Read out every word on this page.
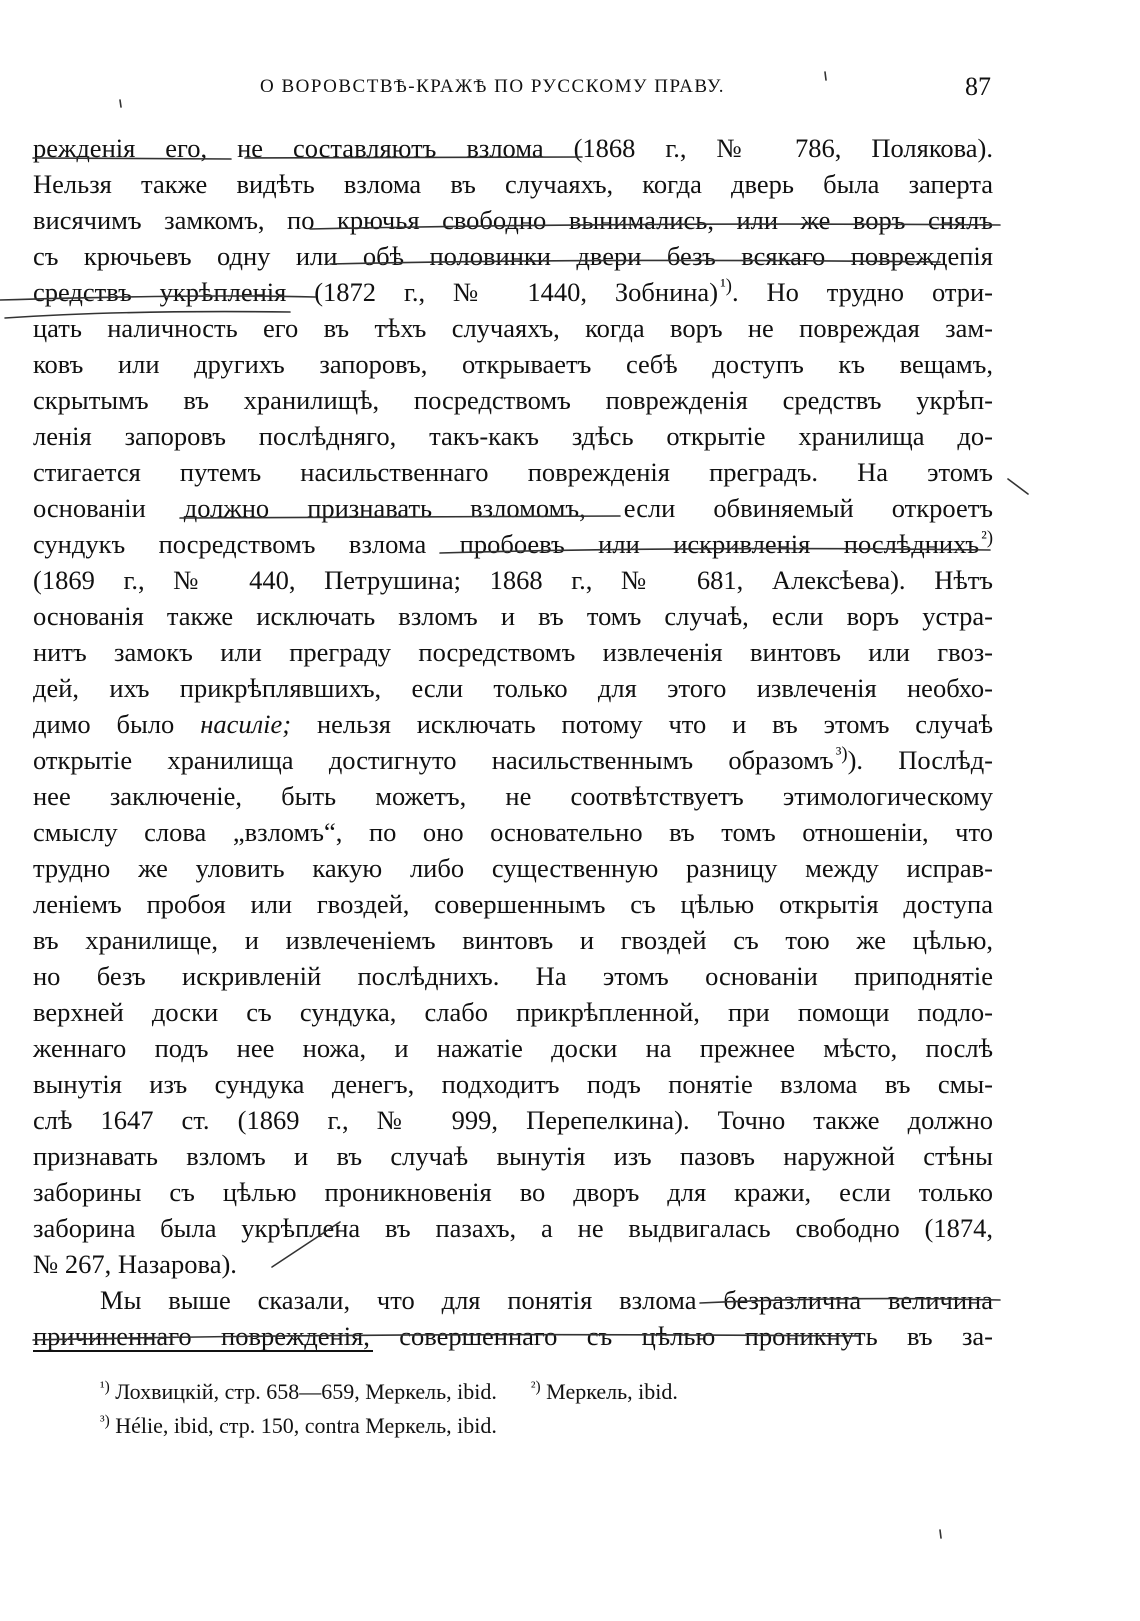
О ВОРОВСТВѢ-КРАЖѢ ПО РУССКОМУ ПРАВУ.	87
режденія его, не составляютъ взлома (1868 г., № 786, Полякова).
Нельзя также видѣть взлома въ случаяхъ, когда дверь была заперта
висячимъ замкомъ, по крючья свободно вынимались, или же воръ снялъ
съ крючьевъ одну или обѣ половинки двери безъ всякаго повреждепія
средствъ укрѣпленія (1872 г., № 1440, Зобнина)  $^{^1)}$. Но трудно отри-
цать наличность его въ тѣхъ случаяхъ, когда воръ не повреждая зам-
ковъ или другихъ запоровъ, открываетъ себѣ доступъ къ вещамъ,
скрытымъ въ хранилищѣ, посредствомъ поврежденія средствъ укрѣп-
ленія запоровъ послѣдняго, такъ-какъ здѣсь открытіе хранилища до-
стигается путемъ насильственнаго поврежденія преградъ. На этомъ
основаніи должно признавать взломомъ, если обвиняемый откроетъ
сундукъ посредствомъ взлома пробоевъ или искривленія послѣднихъ  $^{^2)}$
(1869 г., № 440, Петрушина; 1868 г., № 681, Алексѣева). Нѣтъ
основанія также исключать взломъ и въ томъ случаѣ, если воръ устра-
нитъ замокъ или преграду посредствомъ извлеченія винтовъ или гвоз-
дей, ихъ прикрѣплявшихъ, если только для этого извлеченія необхо-
димо было насиліе; нельзя исключать потому что и въ этомъ случаѣ
открытіе хранилища достигнуто насильственнымъ образомъ  $^{^3)}$). Послѣд-
нее заключеніе, быть можетъ, не соотвѣтствуетъ этимологическому
смыслу слова „взломъ“, по оно основательно въ томъ отношеніи, что
трудно же уловить какую либо существенную разницу между исправ-
леніемъ пробоя или гвоздей, совершеннымъ съ цѣлью открытія доступа
въ хранилище, и извлеченіемъ винтовъ и гвоздей съ тою же цѣлью,
но безъ искривленій послѣднихъ. На этомъ основаніи приподнятіе
верхней доски съ сундука, слабо прикрѣпленной, при помощи подло-
женнаго подъ нее ножа, и нажатіе доски на прежнее мѣсто, послѣ
вынутія изъ сундука денегъ, подходитъ подъ понятіе взлома въ смы-
слѣ 1647 ст. (1869 г., № 999, Перепелкина). Точно также должно
признавать взломъ и въ случаѣ вынутія изъ пазовъ наружной стѣны
заборины съ цѣлью проникновенія во дворъ для кражи, если только
заборина была укрѣплена въ пазахъ, а не выдвигалась свободно (1874,
№ 267, Назарова).
Мы выше сказали, что для понятія взлома безразлична величина
причиненнаго поврежденія, совершеннаго съ цѣлью проникнуть въ за-
$^{^1)}$ Лохвицкій, стр. 658—659, Меркель, ibid. $^{^2)}$ Меркель, ibid.
$^{^3)}$ Hélie, ibid, стр. 150, contra Меркель, ibid.
